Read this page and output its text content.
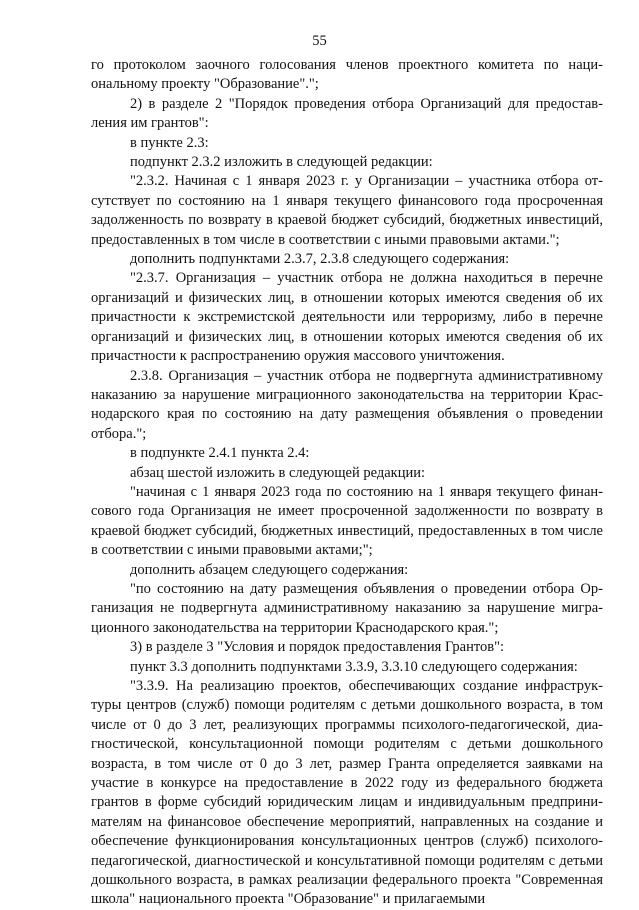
55

го протоколом заочного голосования членов проектного комитета по национальному проекту "Образование".";

2) в разделе 2 "Порядок проведения отбора Организаций для предоставления им грантов":

в пункте 2.3:

подпункт 2.3.2 изложить в следующей редакции:

"2.3.2. Начиная с 1 января 2023 г. у Организации – участника отбора отсутствует по состоянию на 1 января текущего финансового года просроченная задолженность по возврату в краевой бюджет субсидий, бюджетных инвестиций, предоставленных в том числе в соответствии с иными правовыми актами.";

дополнить подпунктами 2.3.7, 2.3.8 следующего содержания:

"2.3.7. Организация – участник отбора не должна находиться в перечне организаций и физических лиц, в отношении которых имеются сведения об их причастности к экстремистской деятельности или терроризму, либо в перечне организаций и физических лиц, в отношении которых имеются сведения об их причастности к распространению оружия массового уничтожения.

2.3.8. Организация – участник отбора не подвергнута административному наказанию за нарушение миграционного законодательства на территории Краснодарского края по состоянию на дату размещения объявления о проведении отбора.";

в подпункте 2.4.1 пункта 2.4:

абзац шестой изложить в следующей редакции:

"начиная с 1 января 2023 года по состоянию на 1 января текущего финансового года Организация не имеет просроченной задолженности по возврату в краевой бюджет субсидий, бюджетных инвестиций, предоставленных в том числе в соответствии с иными правовыми актами;";

дополнить абзацем следующего содержания:

"по состоянию на дату размещения объявления о проведении отбора Организация не подвергнута административному наказанию за нарушение миграционного законодательства на территории Краснодарского края.";

3) в разделе 3 "Условия и порядок предоставления Грантов":

пункт 3.3 дополнить подпунктами 3.3.9, 3.3.10 следующего содержания:

"3.3.9. На реализацию проектов, обеспечивающих создание инфраструктуры центров (служб) помощи родителям с детьми дошкольного возраста, в том числе от 0 до 3 лет, реализующих программы психолого-педагогической, диагностической, консультационной помощи родителям с детьми дошкольного возраста, в том числе от 0 до 3 лет, размер Гранта определяется заявками на участие в конкурсе на предоставление в 2022 году из федерального бюджета грантов в форме субсидий юридическим лицам и индивидуальным предпринимателям на финансовое обеспечение мероприятий, направленных на создание и обеспечение функционирования консультационных центров (служб) психолого-педагогической, диагностической и консультативной помощи родителям с детьми дошкольного возраста, в рамках реализации федерального проекта "Современная школа" национального проекта "Образование" и прилагаемыми
